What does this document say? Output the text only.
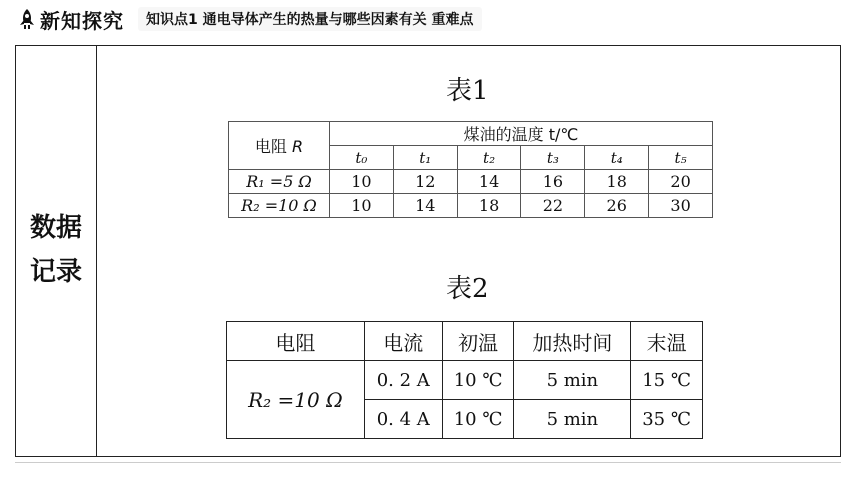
新知探究	知识点1 通电导体产生的热量与哪些因素有关 重难点
数据
记录
表1
电阻 R	煤油的温度 t/℃					
	t₀	t₁	t₂	t₃	t₄	t₅
R₁ =5 Ω	10	12	14	16	18	20
R₂ =10 Ω	10	14	18	22	26	30
表2
电阻	电流	初温	加热时间	末温
R₂ =10 Ω	0. 2 A	10 ℃	5 min	15 ℃
	0. 4 A	10 ℃	5 min	35 ℃
